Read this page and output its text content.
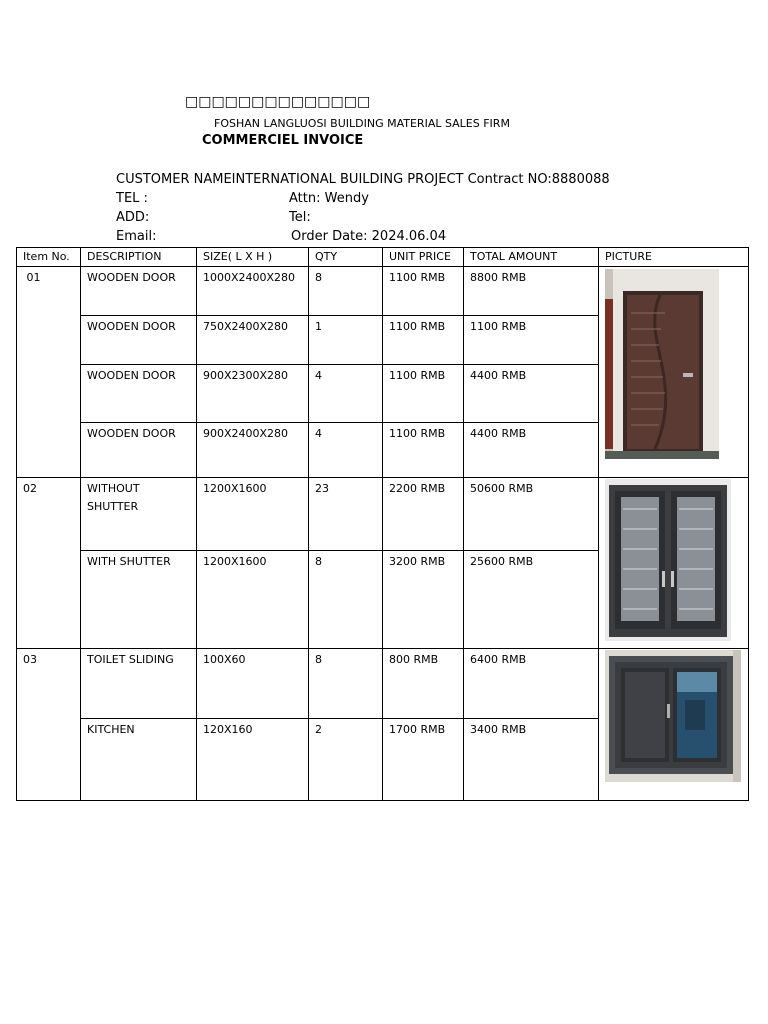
□□□□□□□□□□□□□□
FOSHAN LANGLUOSI BUILDING MATERIAL SALES FIRM
COMMERCIEL INVOICE
CUSTOMER NAMEINTERNATIONAL BUILDING PROJECT Contract NO:8880088
TEL :	Attn: Wendy
ADD:	Tel:
Email:	Order Date: 2024.06.04
Item No.	DESCRIPTION	SIZE( L X H )	QTY	UNIT PRICE	TOTAL AMOUNT	PICTURE
01	WOODEN DOOR	1000X2400X280	8	1100 RMB	8800 RMB	

	WOODEN DOOR	750X2400X280	1	1100 RMB	1100 RMB	
	WOODEN DOOR	900X2300X280	4	1100 RMB	4400 RMB	
	WOODEN DOOR	900X2400X280	4	1100 RMB	4400 RMB	
02	WITHOUT SHUTTER	1200X1600	23	2200 RMB	50600 RMB	

	WITH SHUTTER	1200X1600	8	3200 RMB	25600 RMB	
03	TOILET SLIDING	100X60	8	800 RMB	6400 RMB	

	KITCHEN	120X160	2	1700 RMB	3400 RMB	
